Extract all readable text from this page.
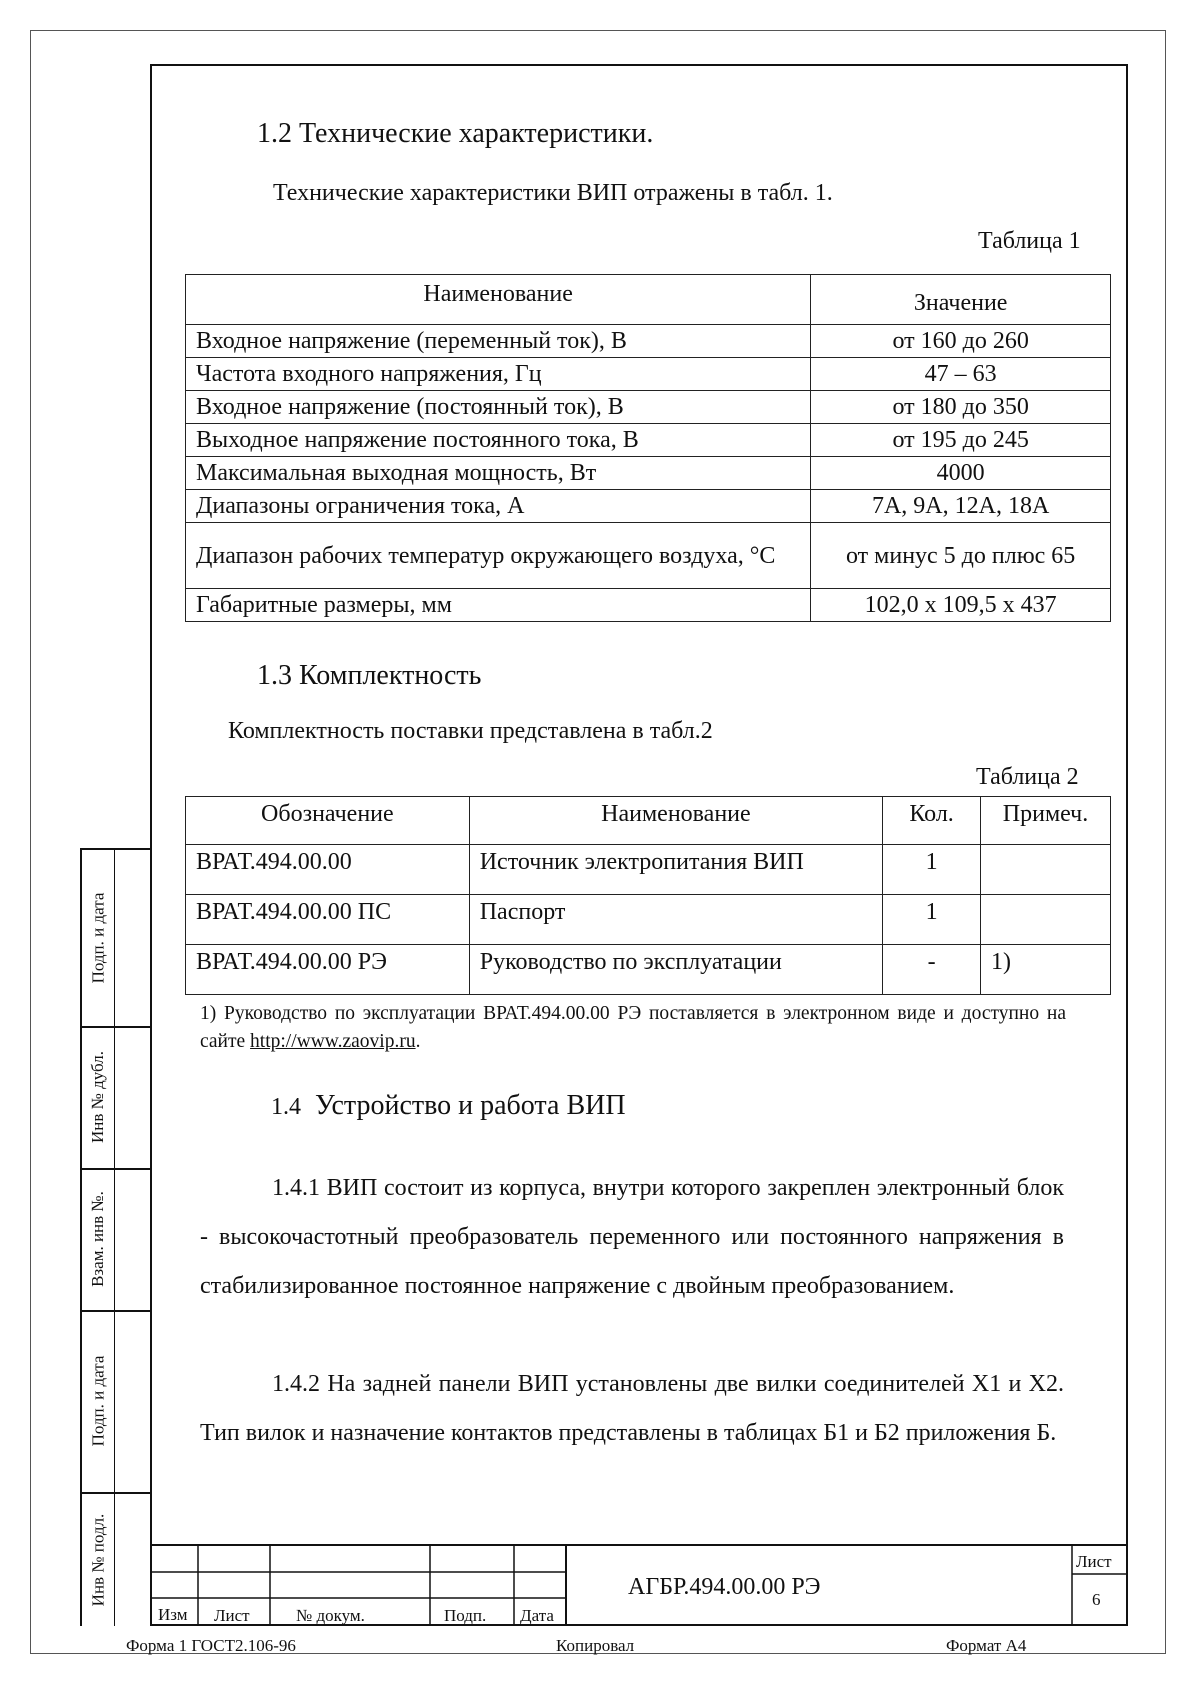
1.2 Технические характеристики.
Технические характеристики ВИП отражены в табл. 1.
Таблица 1
Наименование	Значение
Входное напряжение (переменный ток), В	от 160 до 260
Частота входного напряжения, Гц	47 – 63
Входное напряжение (постоянный ток), В	от 180 до 350
Выходное напряжение постоянного тока, В	от 195 до 245
Максимальная выходная мощность, Вт	4000
Диапазоны ограничения тока, А	7А, 9А, 12А, 18А
Диапазон рабочих температур окружающего воздуха, °С	от минус 5 до плюс 65
Габаритные размеры, мм	102,0 x 109,5 x 437
1.3 Комплектность
Комплектность поставки представлена в табл.2
Таблица 2
Обозначение	Наименование	Кол.	Примеч.
ВРАТ.494.00.00	Источник электропитания ВИП	1	
ВРАТ.494.00.00 ПС	Паспорт	1	
ВРАТ.494.00.00 РЭ	Руководство по эксплуатации	-	1)
1) Руководство по эксплуатации ВРАТ.494.00.00 РЭ поставляется в электронном виде и доступно на сайте http://www.zaovip.ru.
1.4 Устройство и работа ВИП
1.4.1 ВИП состоит из корпуса, внутри которого закреплен электронный блок - высокочастотный преобразователь переменного или постоянного напряжения в стабилизированное постоянное напряжение с двойным преобразованием.
1.4.2 На задней панели ВИП установлены две вилки соединителей Х1 и Х2. Тип вилок и назначение контактов представлены в таблицах Б1 и Б2 приложения Б.
Подп. и дата
Инв № дубл.
Взам. инв №.
Подп. и дата
Инв № подл.
Изм Лист	№ докум.	Подп. Дата
АГБР.494.00.00 РЭ
Лист
6
Форма 1 ГОСТ2.106-96	Копировал	Формат А4
